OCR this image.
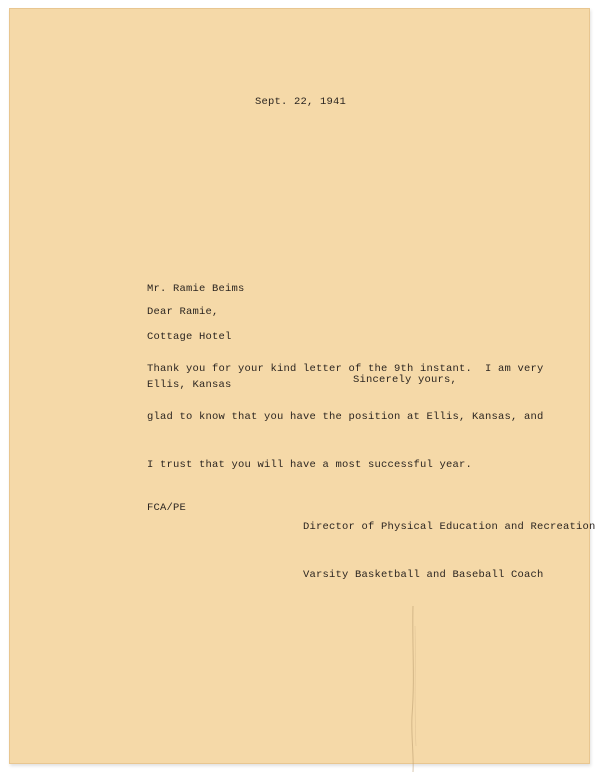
Sept. 22, 1941

Mr. Ramie Beims

Cottage Hotel

Ellis, Kansas

Dear Ramie,

Thank you for your kind letter of the 9th instant.  I am very

glad to know that you have the position at Ellis, Kansas, and

I trust that you will have a most successful year.

Sincerely yours,

Director of Physical Education and Recreation

Varsity Basketball and Baseball Coach

FCA/PE
